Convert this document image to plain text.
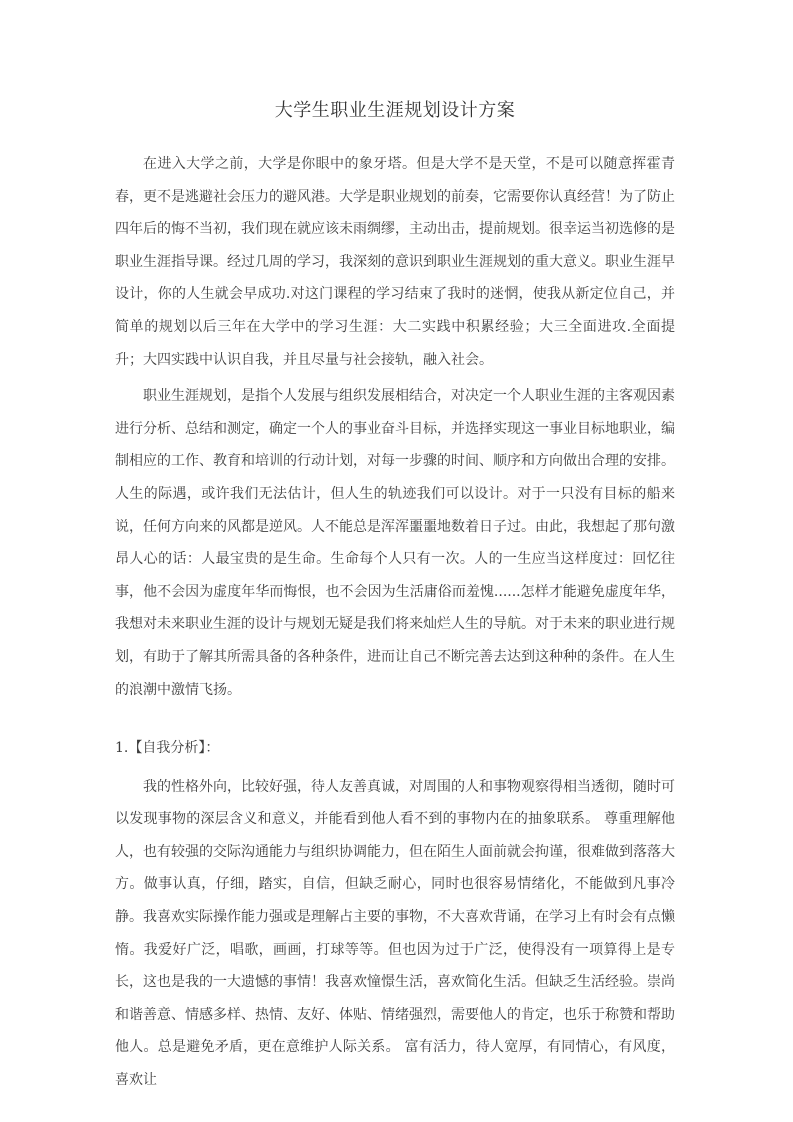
大学生职业生涯规划设计方案

在进入大学之前，大学是你眼中的象牙塔。但是大学不是天堂，不是可以随意挥霍青春，更不是逃避社会压力的避风港。大学是职业规划的前奏，它需要你认真经营！为了防止四年后的悔不当初，我们现在就应该未雨绸缪，主动出击，提前规划。很幸运当初选修的是职业生涯指导课。经过几周的学习，我深刻的意识到职业生涯规划的重大意义。职业生涯早设计，你的人生就会早成功.对这门课程的学习结束了我时的迷惘，使我从新定位自己，并简单的规划以后三年在大学中的学习生涯：大二实践中积累经验；大三全面进攻.全面提升；大四实践中认识自我，并且尽量与社会接轨，融入社会。

职业生涯规划，是指个人发展与组织发展相结合，对决定一个人职业生涯的主客观因素进行分析、总结和测定，确定一个人的事业奋斗目标，并选择实现这一事业目标地职业，编制相应的工作、教育和培训的行动计划，对每一步骤的时间、顺序和方向做出合理的安排。人生的际遇，或许我们无法估计，但人生的轨迹我们可以设计。对于一只没有目标的船来说，任何方向来的风都是逆风。人不能总是浑浑噩噩地数着日子过。由此，我想起了那句激昂人心的话：人最宝贵的是生命。生命每个人只有一次。人的一生应当这样度过：回忆往事，他不会因为虚度年华而悔恨，也不会因为生活庸俗而羞愧......怎样才能避免虚度年华，我想对未来职业生涯的设计与规划无疑是我们将来灿烂人生的导航。对于未来的职业进行规划，有助于了解其所需具备的各种条件，进而让自己不断完善去达到这种种的条件。在人生的浪潮中激情飞扬。

1.【自我分析】：

我的性格外向，比较好强，待人友善真诚，对周围的人和事物观察得相当透彻，随时可以发现事物的深层含义和意义，并能看到他人看不到的事物内在的抽象联系。 尊重理解他人，也有较强的交际沟通能力与组织协调能力，但在陌生人面前就会拘谨，很难做到落落大方。做事认真，仔细，踏实，自信，但缺乏耐心，同时也很容易情绪化，不能做到凡事冷静。我喜欢实际操作能力强或是理解占主要的事物，不大喜欢背诵，在学习上有时会有点懒惰。我爱好广泛，唱歌，画画，打球等等。但也因为过于广泛，使得没有一项算得上是专长，这也是我的一大遗憾的事情！我喜欢憧憬生活，喜欢简化生活。但缺乏生活经验。崇尚和谐善意、情感多样、热情、友好、体贴、情绪强烈，需要他人的肯定，也乐于称赞和帮助他人。总是避免矛盾，更在意维护人际关系。 富有活力，待人宽厚，有同情心，有风度，喜欢让
